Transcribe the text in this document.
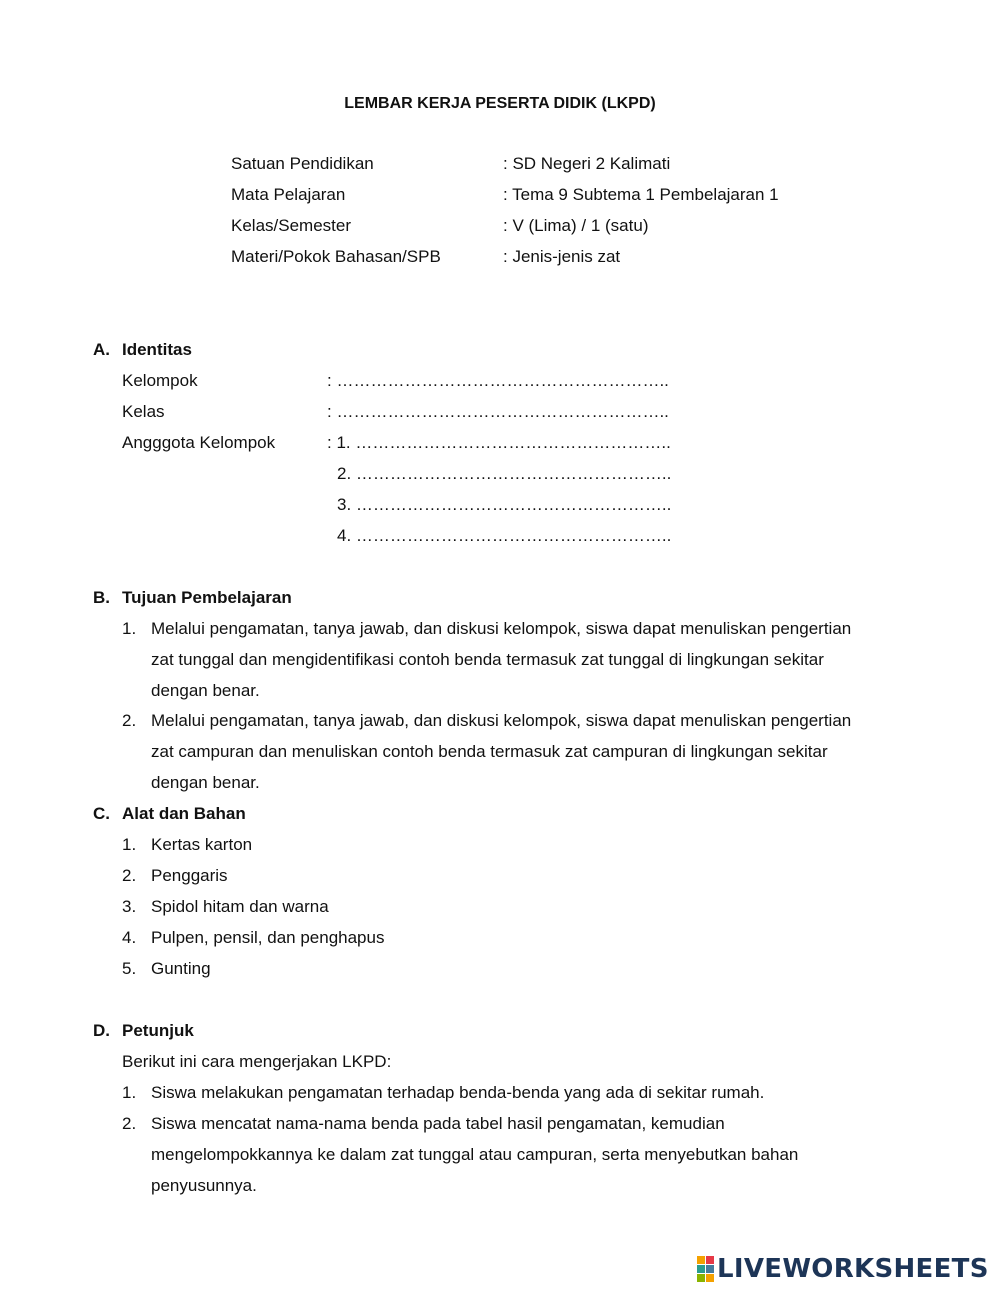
LEMBAR KERJA PESERTA DIDIK (LKPD)
Satuan Pendidikan	: SD Negeri 2 Kalimati
Mata Pelajaran	: Tema 9 Subtema 1 Pembelajaran 1
Kelas/Semester	: V (Lima) / 1 (satu)
Materi/Pokok Bahasan/SPB	: Jenis-jenis zat
A. Identitas
Kelompok	: …………………………………………………..
Kelas	: …………………………………………………..
Angggota Kelompok	: 1. ………………………………………………..
2. ………………………………………………..
3. ………………………………………………..
4. ………………………………………………..
B. Tujuan Pembelajaran
1. Melalui pengamatan, tanya jawab, dan diskusi kelompok, siswa dapat menuliskan pengertian
zat tunggal dan mengidentifikasi contoh benda termasuk zat tunggal di lingkungan sekitar
dengan benar.
2. Melalui pengamatan, tanya jawab, dan diskusi kelompok, siswa dapat menuliskan pengertian
zat campuran dan menuliskan contoh benda termasuk zat campuran di lingkungan sekitar
dengan benar.
C. Alat dan Bahan
1. Kertas karton
2. Penggaris
3. Spidol hitam dan warna
4. Pulpen, pensil, dan penghapus
5. Gunting
D. Petunjuk
Berikut ini cara mengerjakan LKPD:
1. Siswa melakukan pengamatan terhadap benda-benda yang ada di sekitar rumah.
2. Siswa mencatat nama-nama benda pada tabel hasil pengamatan, kemudian
mengelompokkannya ke dalam zat tunggal atau campuran, serta menyebutkan bahan
penyusunnya.
LIVEWORKSHEETS
